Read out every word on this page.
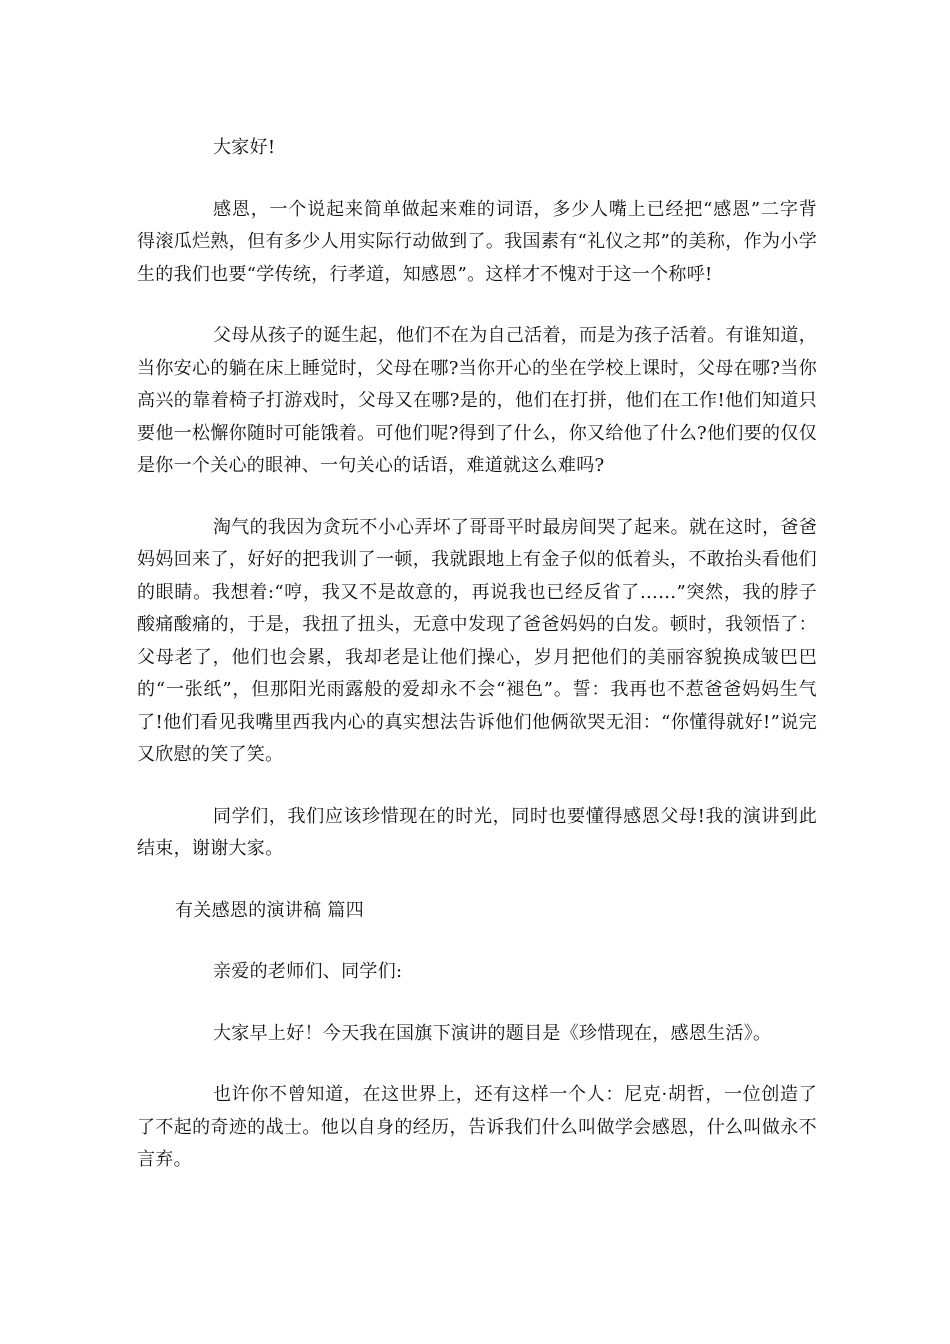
大家好!

感恩，一个说起来简单做起来难的词语，多少人嘴上已经把“感恩”二字背得滚瓜烂熟，但有多少人用实际行动做到了。我国素有“礼仪之邦”的美称，作为小学生的我们也要“学传统，行孝道，知感恩”。这样才不愧对于这一个称呼!

父母从孩子的诞生起，他们不在为自己活着，而是为孩子活着。有谁知道，当你安心的躺在床上睡觉时，父母在哪?当你开心的坐在学校上课时，父母在哪?当你高兴的靠着椅子打游戏时，父母又在哪?是的，他们在打拼，他们在工作!他们知道只要他一松懈你随时可能饿着。可他们呢?得到了什么，你又给他了什么?他们要的仅仅是你一个关心的眼神、一句关心的话语，难道就这么难吗?

淘气的我因为贪玩不小心弄坏了哥哥平时最房间哭了起来。就在这时，爸爸妈妈回来了，好好的把我训了一顿，我就跟地上有金子似的低着头，不敢抬头看他们的眼睛。我想着:“哼，我又不是故意的，再说我也已经反省了……”突然，我的脖子酸痛酸痛的，于是，我扭了扭头，无意中发现了爸爸妈妈的白发。顿时，我领悟了：父母老了，他们也会累，我却老是让他们操心，岁月把他们的美丽容貌换成皱巴巴的“一张纸”，但那阳光雨露般的爱却永不会“褪色”。誓：我再也不惹爸爸妈妈生气了!他们看见我嘴里西我内心的真实想法告诉他们他俩欲哭无泪：“你懂得就好!”说完又欣慰的笑了笑。

同学们，我们应该珍惜现在的时光，同时也要懂得感恩父母!我的演讲到此结束，谢谢大家。

有关感恩的演讲稿 篇四

亲爱的老师们、同学们:

大家早上好！今天我在国旗下演讲的题目是《珍惜现在，感恩生活》。

也许你不曾知道，在这世界上，还有这样一个人：尼克·胡哲，一位创造了了不起的奇迹的战士。他以自身的经历，告诉我们什么叫做学会感恩，什么叫做永不言弃。
